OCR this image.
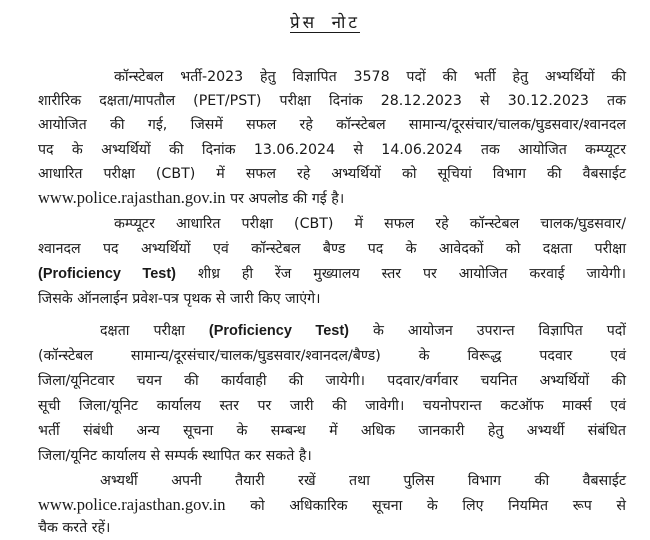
प्रेस नोट
कॉन्स्टेबल भर्ती-2023 हेतु विज्ञापित 3578 पदों की भर्ती हेतु अभ्यर्थियों की
शारीरिक दक्षता/मापतौल (PET/PST) परीक्षा दिनांक 28.12.2023 से 30.12.2023 तक
आयोजित की गई, जिसमें सफल रहे कॉन्स्टेबल सामान्य/दूरसंचार/चालक/घुडसवार/श्वानदल
पद के अभ्यर्थियों की दिनांक 13.06.2024 से 14.06.2024 तक आयोजित कम्प्यूटर
आधारित परीक्षा (CBT) में सफल रहे अभ्यर्थियों को सूचियां विभाग की वैबसाईट
www.police.rajasthan.gov.in पर अपलोड की गई है।
कम्प्यूटर आधारित परीक्षा (CBT) में सफल रहे कॉन्स्टेबल चालक/घुडसवार/
श्वानदल पद अभ्यर्थियों एवं कॉन्स्टेबल बैण्ड पद के आवेदकों को दक्षता परीक्षा
(Proficiency Test) शीध्र ही रेंज मुख्यालय स्तर पर आयोजित करवाई जायेगी।
जिसके ऑनलाईन प्रवेश-पत्र पृथक से जारी किए जाएंगे।
दक्षता परीक्षा (Proficiency Test) के आयोजन उपरान्त विज्ञापित पदों
(कॉन्स्टेबल सामान्य/दूरसंचार/चालक/घुडसवार/श्वानदल/बैण्ड) के विरूद्ध पदवार एवं
जिला/यूनिटवार चयन की कार्यवाही की जायेगी। पदवार/वर्गवार चयनित अभ्यर्थियों की
सूची जिला/यूनिट कार्यालय स्तर पर जारी की जावेगी। चयनोपरान्त कटऑफ मार्क्स एवं
भर्ती संबंधी अन्य सूचना के सम्बन्ध में अधिक जानकारी हेतु अभ्यर्थी संबंधित
जिला/यूनिट कार्यालय से सम्पर्क स्थापित कर सकते है।
अभ्यर्थी अपनी तैयारी रखें तथा पुलिस विभाग की वैबसाईट
www.police.rajasthan.gov.in को अधिकारिक सूचना के लिए नियमित रूप से
चैक करते रहें।
